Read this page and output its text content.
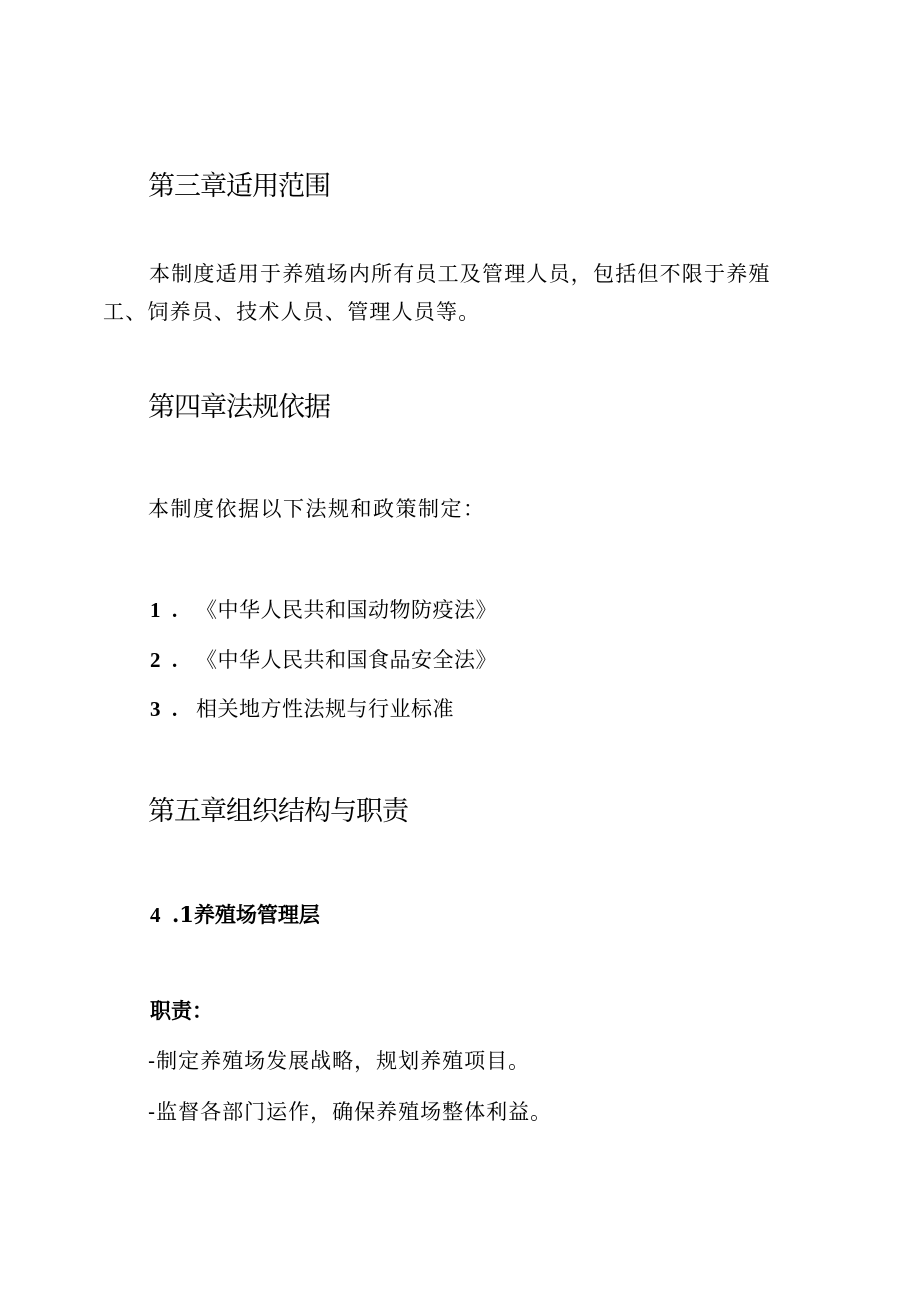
第三章适用范围
本制度适用于养殖场内所有员工及管理人员，包括但不限于养殖工、饲养员、技术人员、管理人员等。
第四章法规依据
本制度依据以下法规和政策制定：
1 . 《中华人民共和国动物防疫法》
2 . 《中华人民共和国食品安全法》
3 . 相关地方性法规与行业标准
第五章组织结构与职责
4 .1养殖场管理层
职责：
-制定养殖场发展战略，规划养殖项目。
-监督各部门运作，确保养殖场整体利益。
